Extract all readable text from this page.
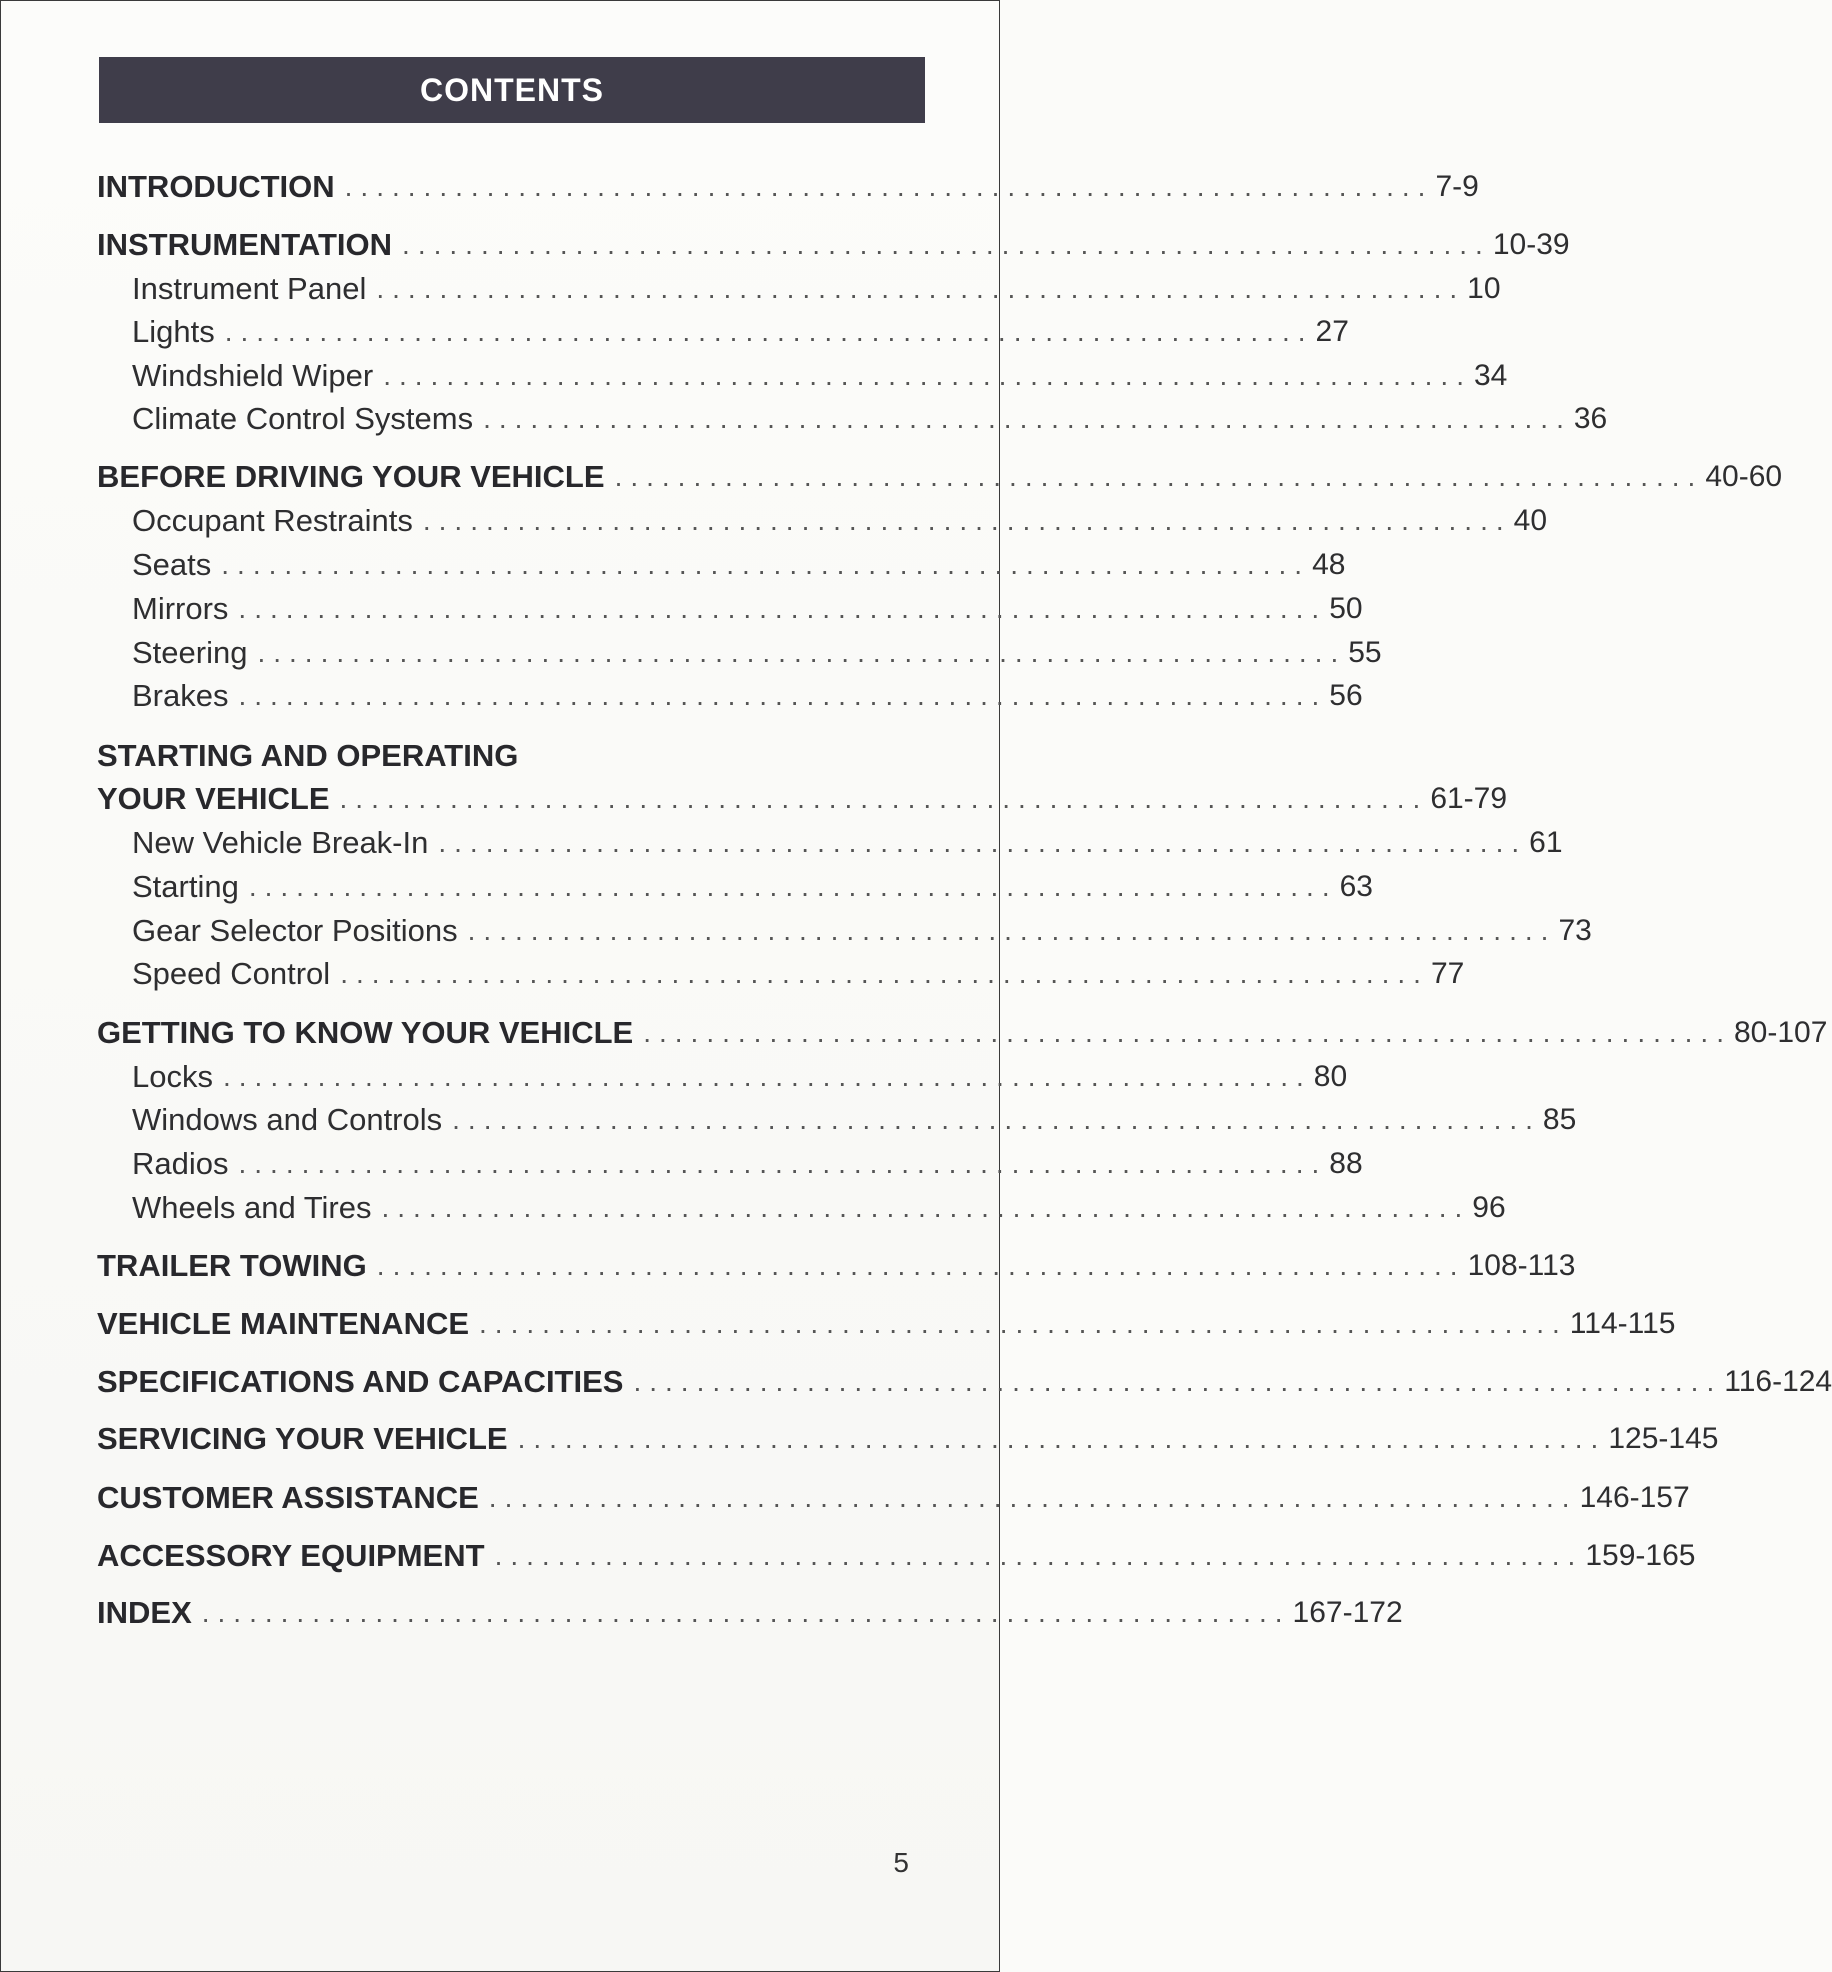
CONTENTS
INTRODUCTION ..................................................................... 7-9
INSTRUMENTATION ..................................................................... 10-39
Instrument Panel ..................................................................... 10
Lights ..................................................................... 27
Windshield Wiper ..................................................................... 34
Climate Control Systems ..................................................................... 36
BEFORE DRIVING YOUR VEHICLE ..................................................................... 40-60
Occupant Restraints ..................................................................... 40
Seats ..................................................................... 48
Mirrors ..................................................................... 50
Steering ..................................................................... 55
Brakes ..................................................................... 56
STARTING AND OPERATING
YOUR VEHICLE ..................................................................... 61-79
New Vehicle Break-In ..................................................................... 61
Starting ..................................................................... 63
Gear Selector Positions ..................................................................... 73
Speed Control ..................................................................... 77
GETTING TO KNOW YOUR VEHICLE ..................................................................... 80-107
Locks ..................................................................... 80
Windows and Controls ..................................................................... 85
Radios ..................................................................... 88
Wheels and Tires ..................................................................... 96
TRAILER TOWING ..................................................................... 108-113
VEHICLE MAINTENANCE ..................................................................... 114-115
SPECIFICATIONS AND CAPACITIES ..................................................................... 116-124
SERVICING YOUR VEHICLE ..................................................................... 125-145
CUSTOMER ASSISTANCE ..................................................................... 146-157
ACCESSORY EQUIPMENT ..................................................................... 159-165
INDEX ..................................................................... 167-172
5
